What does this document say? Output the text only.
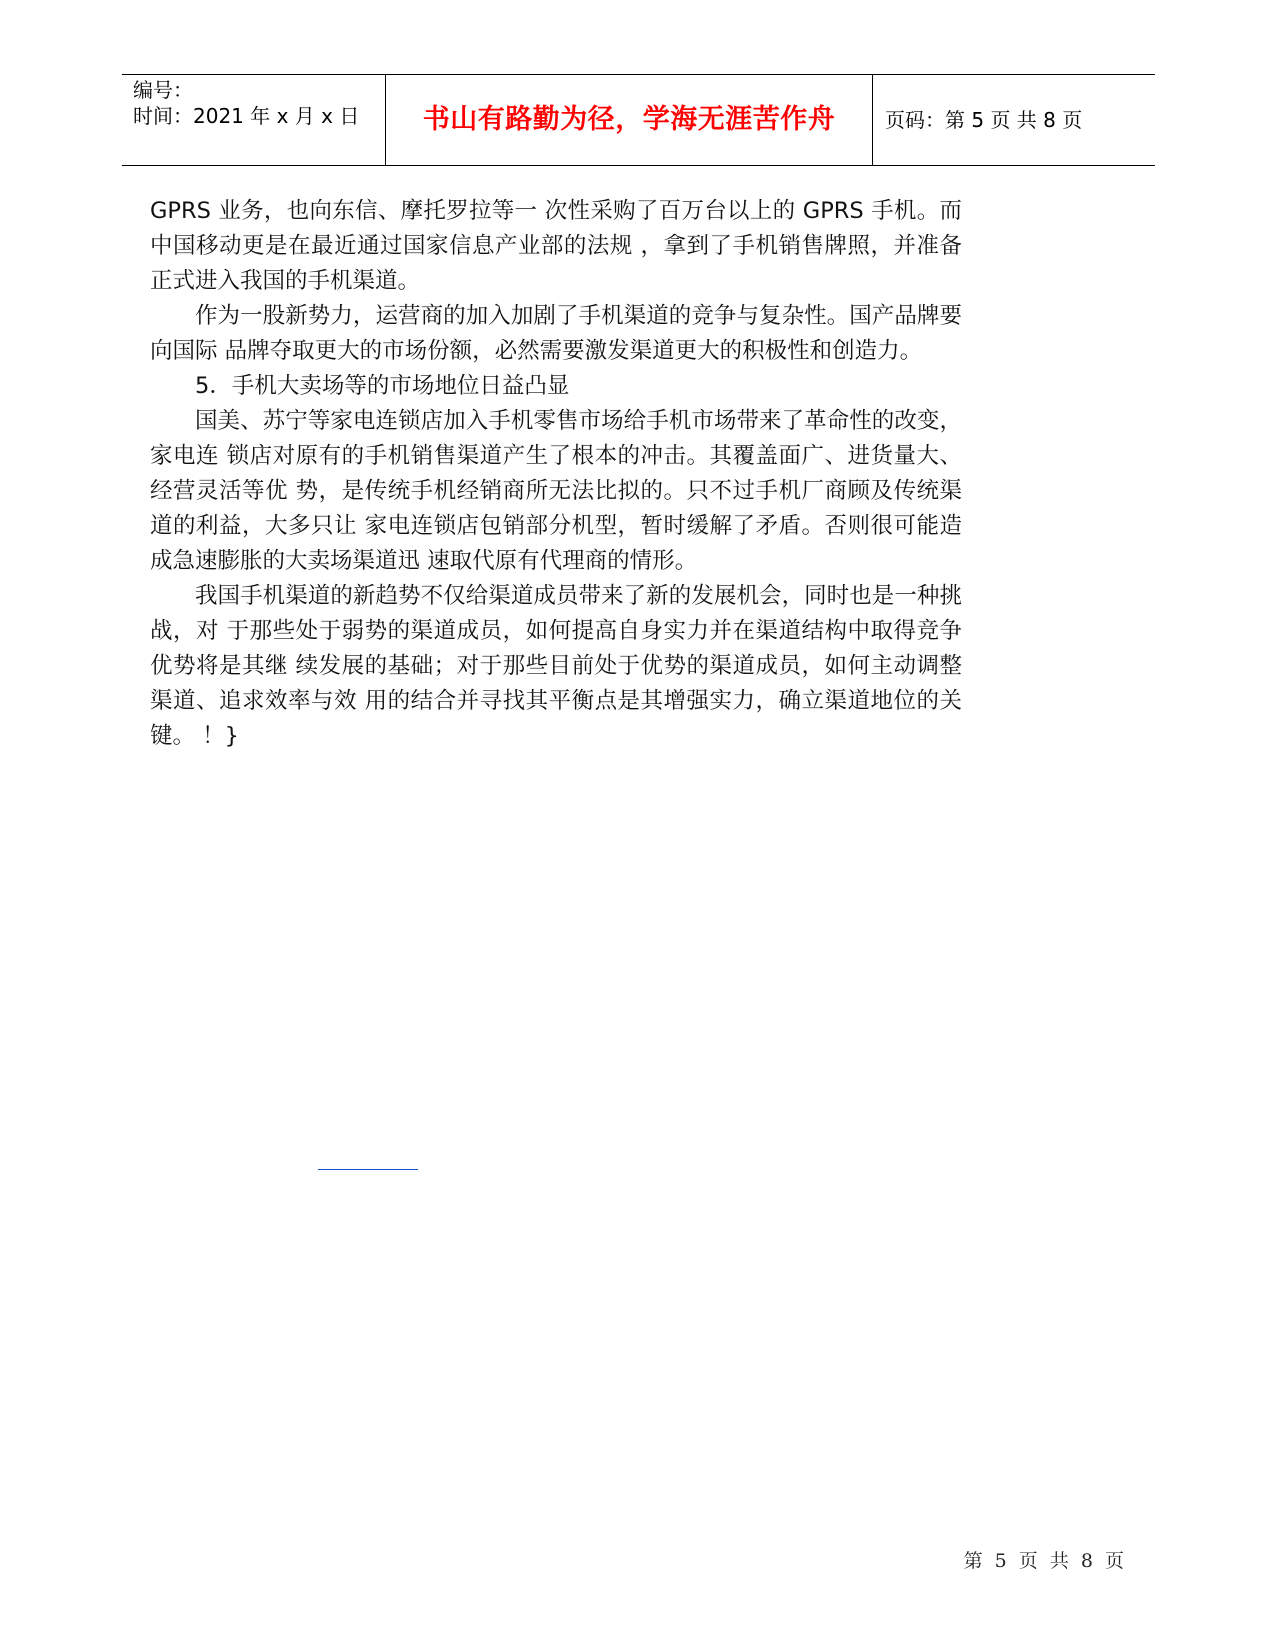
编号：
时间：2021 年 x 月 x 日	书山有路勤为径，学海无涯苦作舟	页码：第 5 页 共 8 页

GPRS 业务，也向东信、摩托罗拉等一 次性采购了百万台以上的 GPRS 手机。而中国移动更是在最近通过国家信息产业部的法规 ，拿到了手机销售牌照，并准备正式进入我国的手机渠道。

作为一股新势力，运营商的加入加剧了手机渠道的竞争与复杂性。国产品牌要向国际 品牌夺取更大的市场份额，必然需要激发渠道更大的积极性和创造力。

5．手机大卖场等的市场地位日益凸显

国美、苏宁等家电连锁店加入手机零售市场给手机市场带来了革命性的改变，家电连 锁店对原有的手机销售渠道产生了根本的冲击。其覆盖面广、进货量大、经营灵活等优 势，是传统手机经销商所无法比拟的。只不过手机厂商顾及传统渠道的利益，大多只让 家电连锁店包销部分机型，暂时缓解了矛盾。否则很可能造成急速膨胀的大卖场渠道迅 速取代原有代理商的情形。

我国手机渠道的新趋势不仅给渠道成员带来了新的发展机会，同时也是一种挑战，对 于那些处于弱势的渠道成员，如何提高自身实力并在渠道结构中取得竞争优势将是其继 续发展的基础；对于那些目前处于优势的渠道成员，如何主动调整渠道、追求效率与效 用的结合并寻找其平衡点是其增强实力，确立渠道地位的关键。 ！}

第 5 页 共 8 页
